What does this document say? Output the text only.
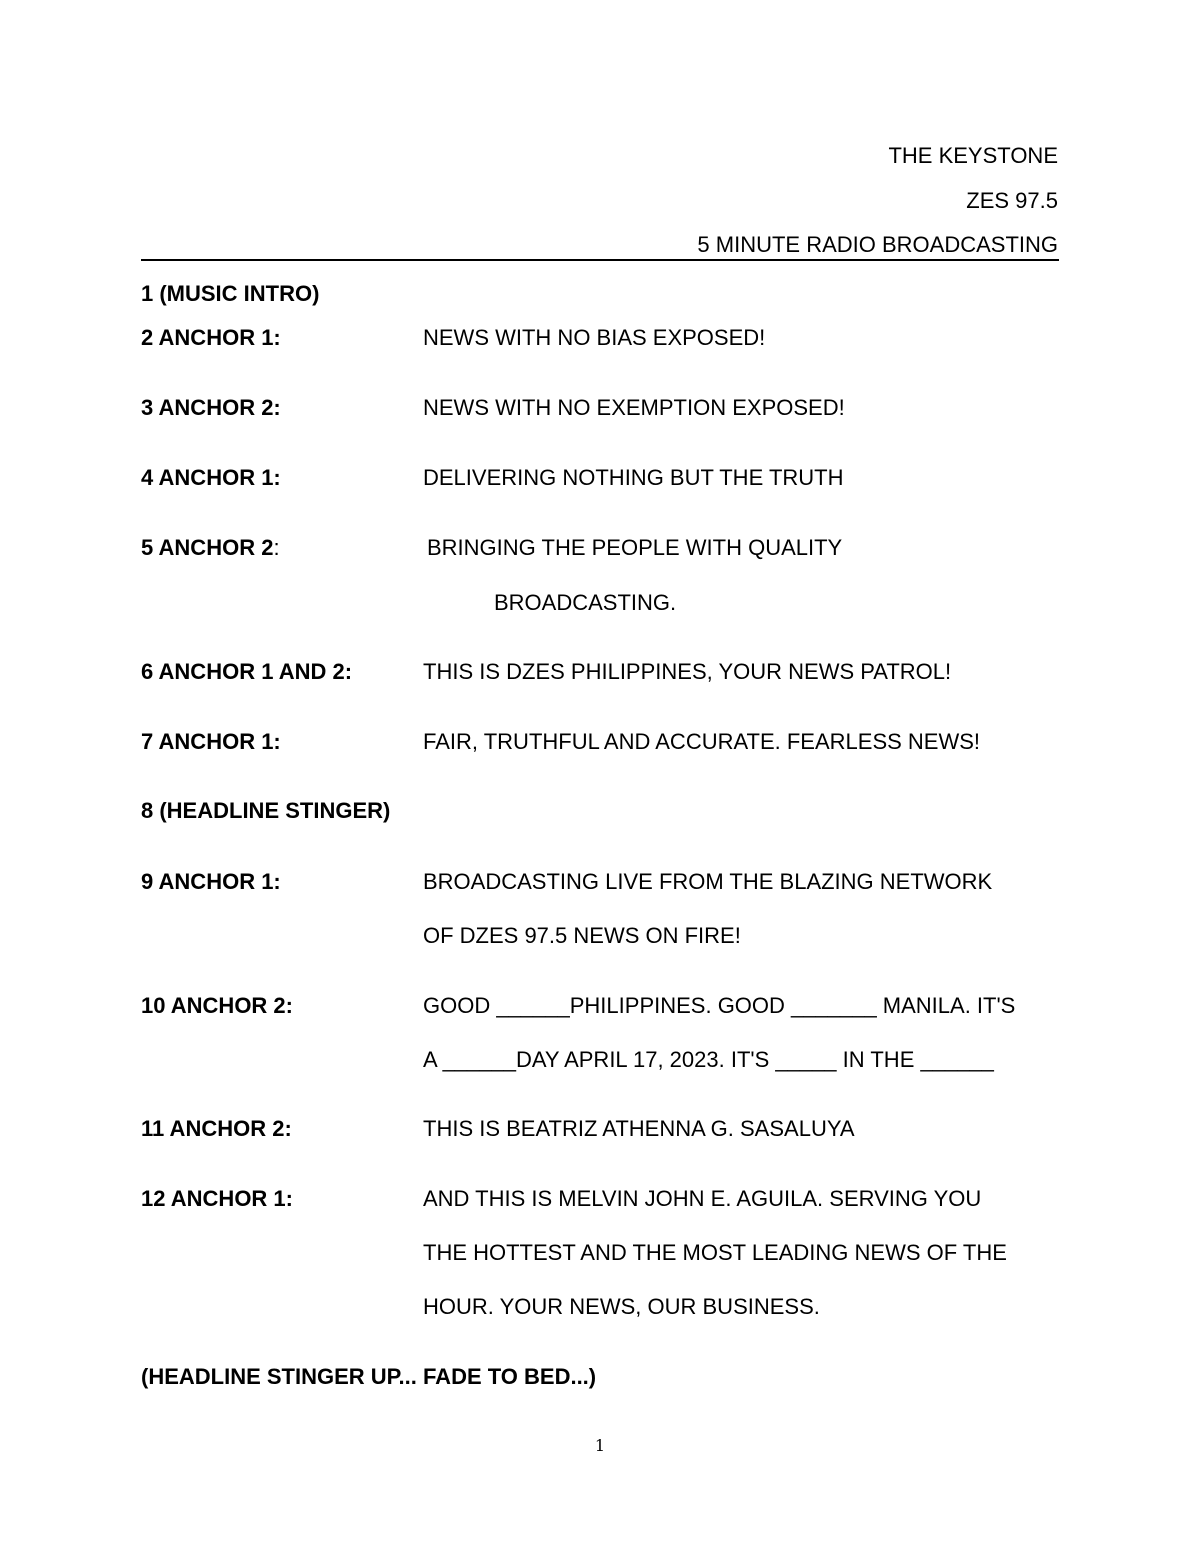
THE KEYSTONE
ZES 97.5
5 MINUTE RADIO BROADCASTING
1 (MUSIC INTRO)
2 ANCHOR 1:	NEWS WITH NO BIAS EXPOSED!
3 ANCHOR 2:	NEWS WITH NO EXEMPTION EXPOSED!
4 ANCHOR 1:	DELIVERING NOTHING BUT THE TRUTH
5 ANCHOR 2:	BRINGING THE PEOPLE WITH QUALITY
BROADCASTING.
6 ANCHOR 1 AND 2:	THIS IS DZES PHILIPPINES, YOUR NEWS PATROL!
7 ANCHOR 1:	FAIR, TRUTHFUL AND ACCURATE. FEARLESS NEWS!
8 (HEADLINE STINGER)
9 ANCHOR 1:	BROADCASTING LIVE FROM THE BLAZING NETWORK
OF DZES 97.5 NEWS ON FIRE!
10 ANCHOR 2:	GOOD ______PHILIPPINES. GOOD _______ MANILA. IT'S
A ______DAY APRIL 17, 2023. IT'S _____ IN THE ______
11 ANCHOR 2:	THIS IS BEATRIZ ATHENNA G. SASALUYA
12 ANCHOR 1:	AND THIS IS MELVIN JOHN E. AGUILA. SERVING YOU
THE HOTTEST AND THE MOST LEADING NEWS OF THE
HOUR. YOUR NEWS, OUR BUSINESS.
(HEADLINE STINGER UP... FADE TO BED...)
1
